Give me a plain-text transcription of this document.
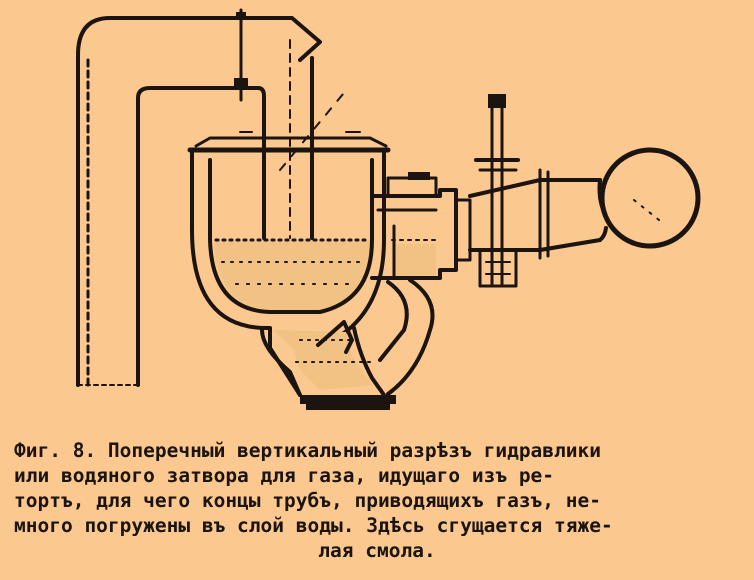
Фиг. 8. Поперечный вертикальный разрѣзъ гидравлики
или водяного затвора для газа, идущаго изъ ре-
тортъ, для чего концы трубъ, приводящихъ газъ, не-
много погружены въ слой воды. Здѣсь сгущается тяже-
лая смола.
